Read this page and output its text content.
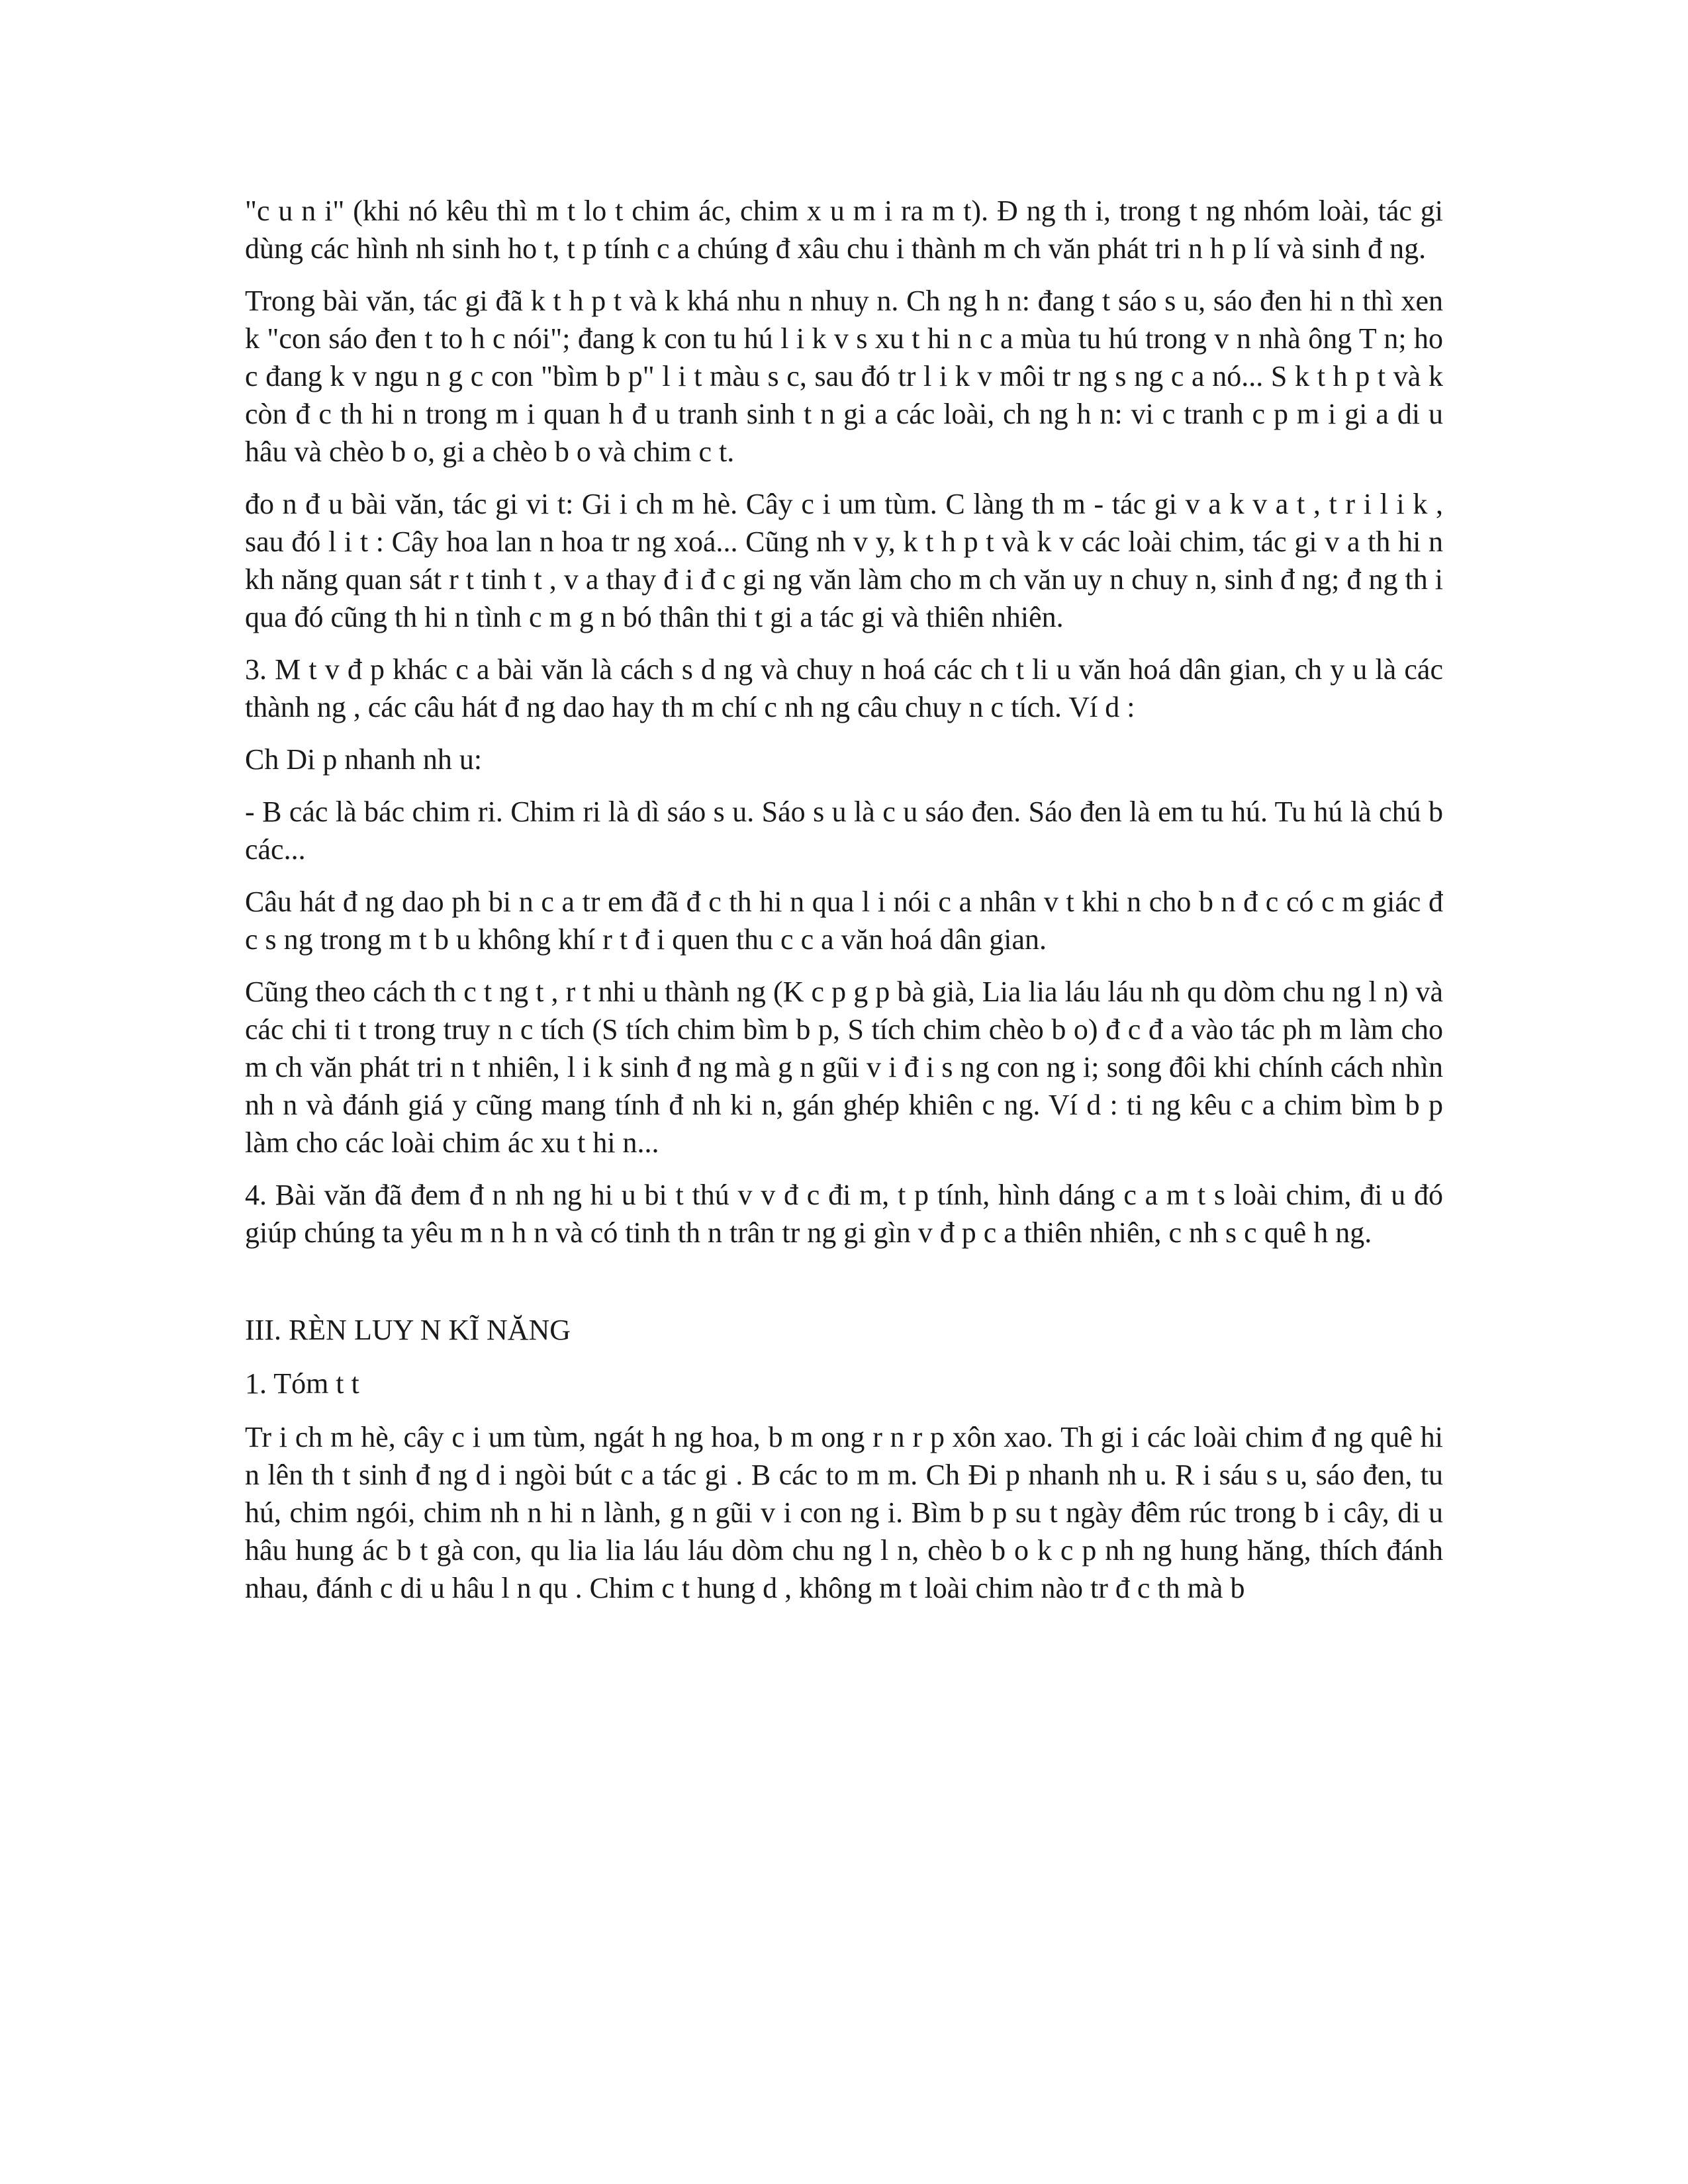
"c u n i" (khi nó kêu thì m t lo t chim ác, chim x u m i ra m t). Đ ng th i, trong t ng nhóm loài, tác gi dùng các hình nh sinh ho t, t p tính c a chúng đ xâu chu i thành m ch văn phát tri n h p lí và sinh đ ng.

Trong bài văn, tác gi đã k t h p t và k khá nhu n nhuy n. Ch ng h n: đang t sáo s u, sáo đen hi n thì xen k "con sáo đen t to h c nói"; đang k con tu hú l i k v s xu t hi n c a mùa tu hú trong v n nhà ông T n; ho c đang k v ngu n g c con "bìm b p" l i t màu s c, sau đó tr l i k v môi tr ng s ng c a nó... S k t h p t và k còn đ c th hi n trong m i quan h đ u tranh sinh t n gi a các loài, ch ng h n: vi c tranh c p m i gi a di u hâu và chèo b o, gi a chèo b o và chim c t.

đo n đ u bài văn, tác gi vi t: Gi i ch m hè. Cây c i um tùm. C làng th m - tác gi v a k v a t , t r i l i k , sau đó l i t : Cây hoa lan n hoa tr ng xoá... Cũng nh v y, k t h p t và k v các loài chim, tác gi v a th hi n kh năng quan sát r t tinh t , v a thay đ i đ c gi ng văn làm cho m ch văn uy n chuy n, sinh đ ng; đ ng th i qua đó cũng th hi n tình c m g n bó thân thi t gi a tác gi và thiên nhiên.

3. M t v đ p khác c a bài văn là cách s d ng và chuy n hoá các ch t li u văn hoá dân gian, ch y u là các thành ng , các câu hát đ ng dao hay th m chí c nh ng câu chuy n c tích. Ví d :

Ch Di p nhanh nh u:

- B các là bác chim ri. Chim ri là dì sáo s u. Sáo s u là c u sáo đen. Sáo đen là em tu hú. Tu hú là chú b các...

Câu hát đ ng dao ph bi n c a tr em đã đ c th hi n qua l i nói c a nhân v t khi n cho b n đ c có c m giác đ c s ng trong m t b u không khí r t đ i quen thu c c a văn hoá dân gian.

Cũng theo cách th c t ng t , r t nhi u thành ng (K c p g p bà già, Lia lia láu láu nh qu dòm chu ng l n) và các chi ti t trong truy n c tích (S tích chim bìm b p, S tích chim chèo b o) đ c đ a vào tác ph m làm cho m ch văn phát tri n t nhiên, l i k sinh đ ng mà g n gũi v i đ i s ng con ng i; song đôi khi chính cách nhìn nh n và đánh giá y cũng mang tính đ nh ki n, gán ghép khiên c ng. Ví d : ti ng kêu c a chim bìm b p làm cho các loài chim ác xu t hi n...

4. Bài văn đã đem đ n nh ng hi u bi t thú v v đ c đi m, t p tính, hình dáng c a m t s loài chim, đi u đó giúp chúng ta yêu m n h n và có tinh th n trân tr ng gi gìn v đ p c a thiên nhiên, c nh s c quê h ng.

III. RÈN LUY N KĨ NĂNG

1. Tóm t t

Tr i ch m hè, cây c i um tùm, ngát h ng hoa, b m ong r n r p xôn xao. Th gi i các loài chim đ ng quê hi n lên th t sinh đ ng d i ngòi bút c a tác gi . B các to m m. Ch Đi p nhanh nh u. R i sáu s u, sáo đen, tu hú, chim ngói, chim nh n hi n lành, g n gũi v i con ng i. Bìm b p su t ngày đêm rúc trong b i cây, di u hâu hung ác b t gà con, qu lia lia láu láu dòm chu ng l n, chèo b o k c p nh ng hung hăng, thích đánh nhau, đánh c di u hâu l n qu . Chim c t hung d , không m t loài chim nào tr đ c th mà b
